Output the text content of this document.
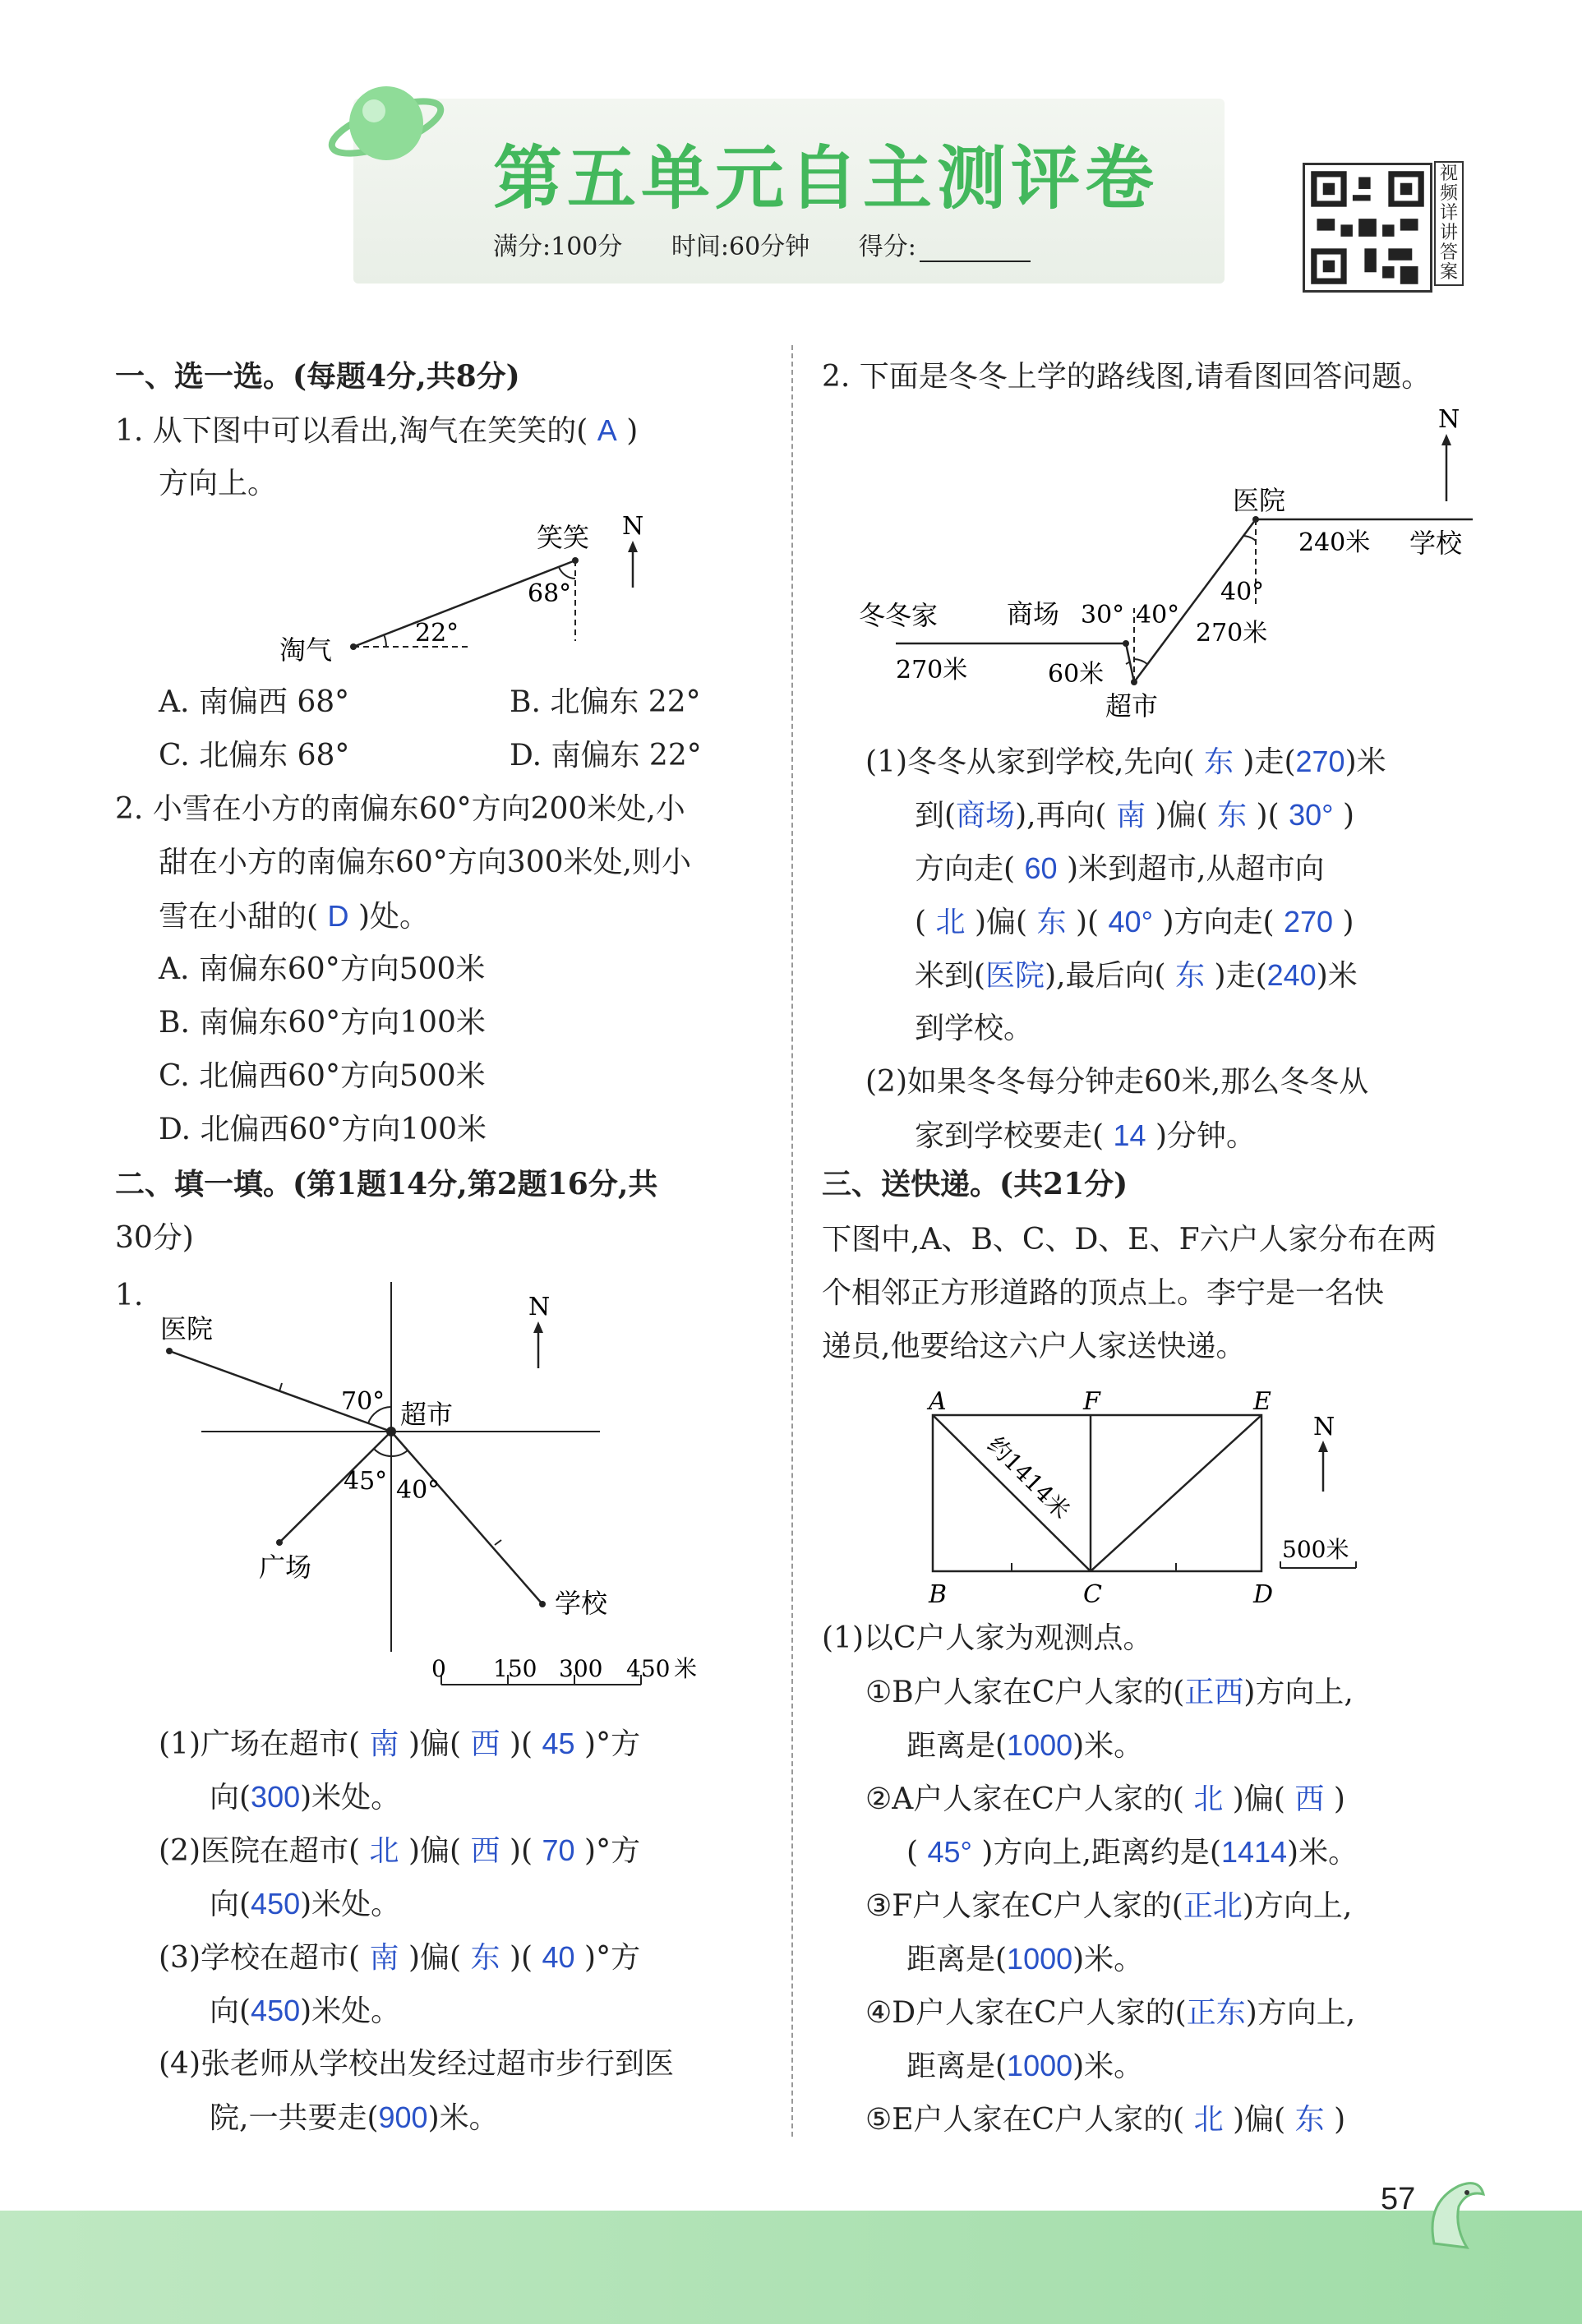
第五单元自主测评卷
满分:100分 时间:60分钟 得分:
视频详讲答案
一、选一选。(每题4分,共8分)
1. 从下图中可以看出,淘气在笑笑的( A )
方向上。
笑笑 N
68°
22°
淘气
A. 南偏西 68°	B. 北偏东 22°
C. 北偏东 68°	D. 南偏东 22°
2. 小雪在小方的南偏东60°方向200米处,小
甜在小方的南偏东60°方向300米处,则小
雪在小甜的( D )处。
A. 南偏东60°方向500米
B. 南偏东60°方向100米
C. 北偏西60°方向500米
D. 北偏西60°方向100米
二、填一填。(第1题14分,第2题16分,共
30分)
1.	N
医院
超市
广场
学校
70°
45° 40°
0 150 300 450 米
(1)广场在超市( 南 )偏( 西 )( 45 )°方
向(300)米处。
(2)医院在超市( 北 )偏( 西 )( 70 )°方
向(450)米处。
(3)学校在超市( 南 )偏( 东 )( 40 )°方
向(450)米处。
(4)张老师从学校出发经过超市步行到医
院,一共要走(900)米。
2. 下面是冬冬上学的路线图,请看图回答问题。
N
冬冬家	商场 30° 40°
270米	60米
超市
40°
270米
医院
240米 学校
(1)冬冬从家到学校,先向( 东 )走(270)米
到(商场),再向( 南 )偏( 东 )( 30° )
方向走( 60 )米到超市,从超市向
( 北 )偏( 东 )( 40° )方向走( 270 )
米到(医院),最后向( 东 )走(240)米
到学校。
(2)如果冬冬每分钟走60米,那么冬冬从
家到学校要走( 14 )分钟。
三、送快递。(共21分)
下图中,A、B、C、D、E、F六户人家分布在两
个相邻正方形道路的顶点上。李宁是一名快
递员,他要给这六户人家送快递。
A	F	E
B	C	D
约1414米
N
500米
(1)以C户人家为观测点。
①B户人家在C户人家的(正西)方向上,
距离是(1000)米。
②A户人家在C户人家的( 北 )偏( 西 )
( 45° )方向上,距离约是(1414)米。
③F户人家在C户人家的(正北)方向上,
距离是(1000)米。
④D户人家在C户人家的(正东)方向上,
距离是(1000)米。
⑤E户人家在C户人家的( 北 )偏( 东 )
57
